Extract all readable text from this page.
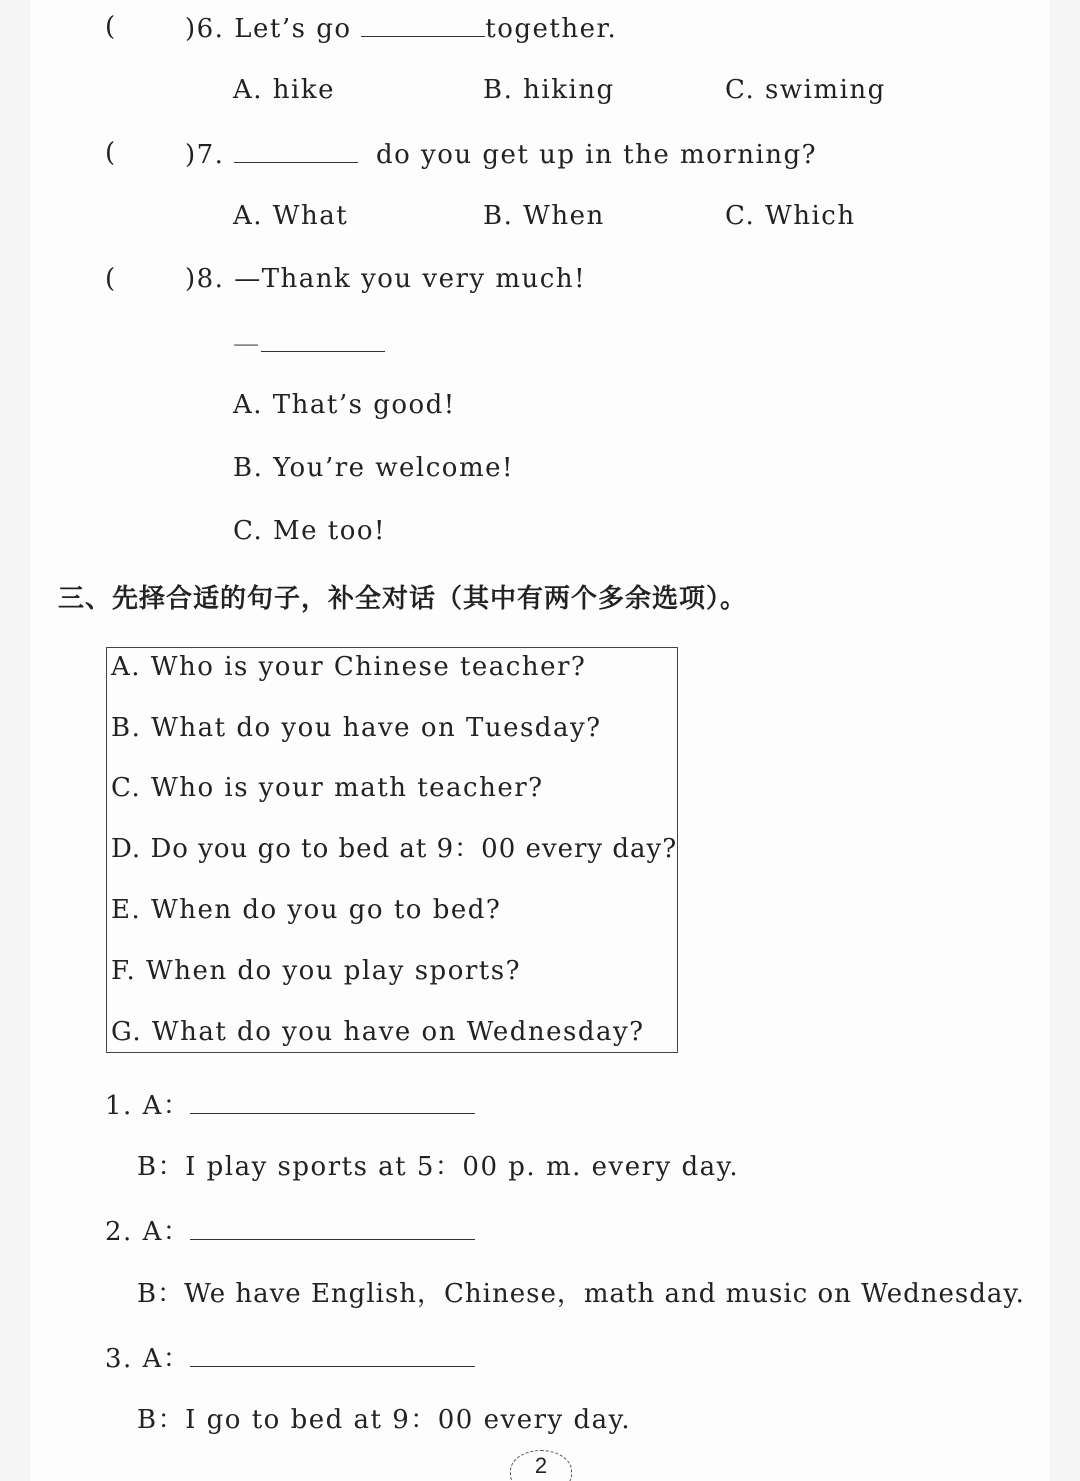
(	)6. Let’s go	together.
A. hike	B. hiking	C. swiming
(	)7.	do you get up in the morning?
A. What	B. When	C. Which
(	)8. —Thank you very much!
—
A. That’s good!
B. You’re welcome!
C. Me too!
三、先择合适的句子，补全对话（其中有两个多余选项）。
A. Who is your Chinese teacher?
B. What do you have on Tuesday?
C. Who is your math teacher?
D. Do you go to bed at 9：00 every day?
E. When do you go to bed?
F. When do you play sports?
G. What do you have on Wednesday?
1. A：
B：I play sports at 5：00 p. m. every day.
2. A：
B：We have English，Chinese，math and music on Wednesday.
3. A：
B：I go to bed at 9：00 every day.
2
